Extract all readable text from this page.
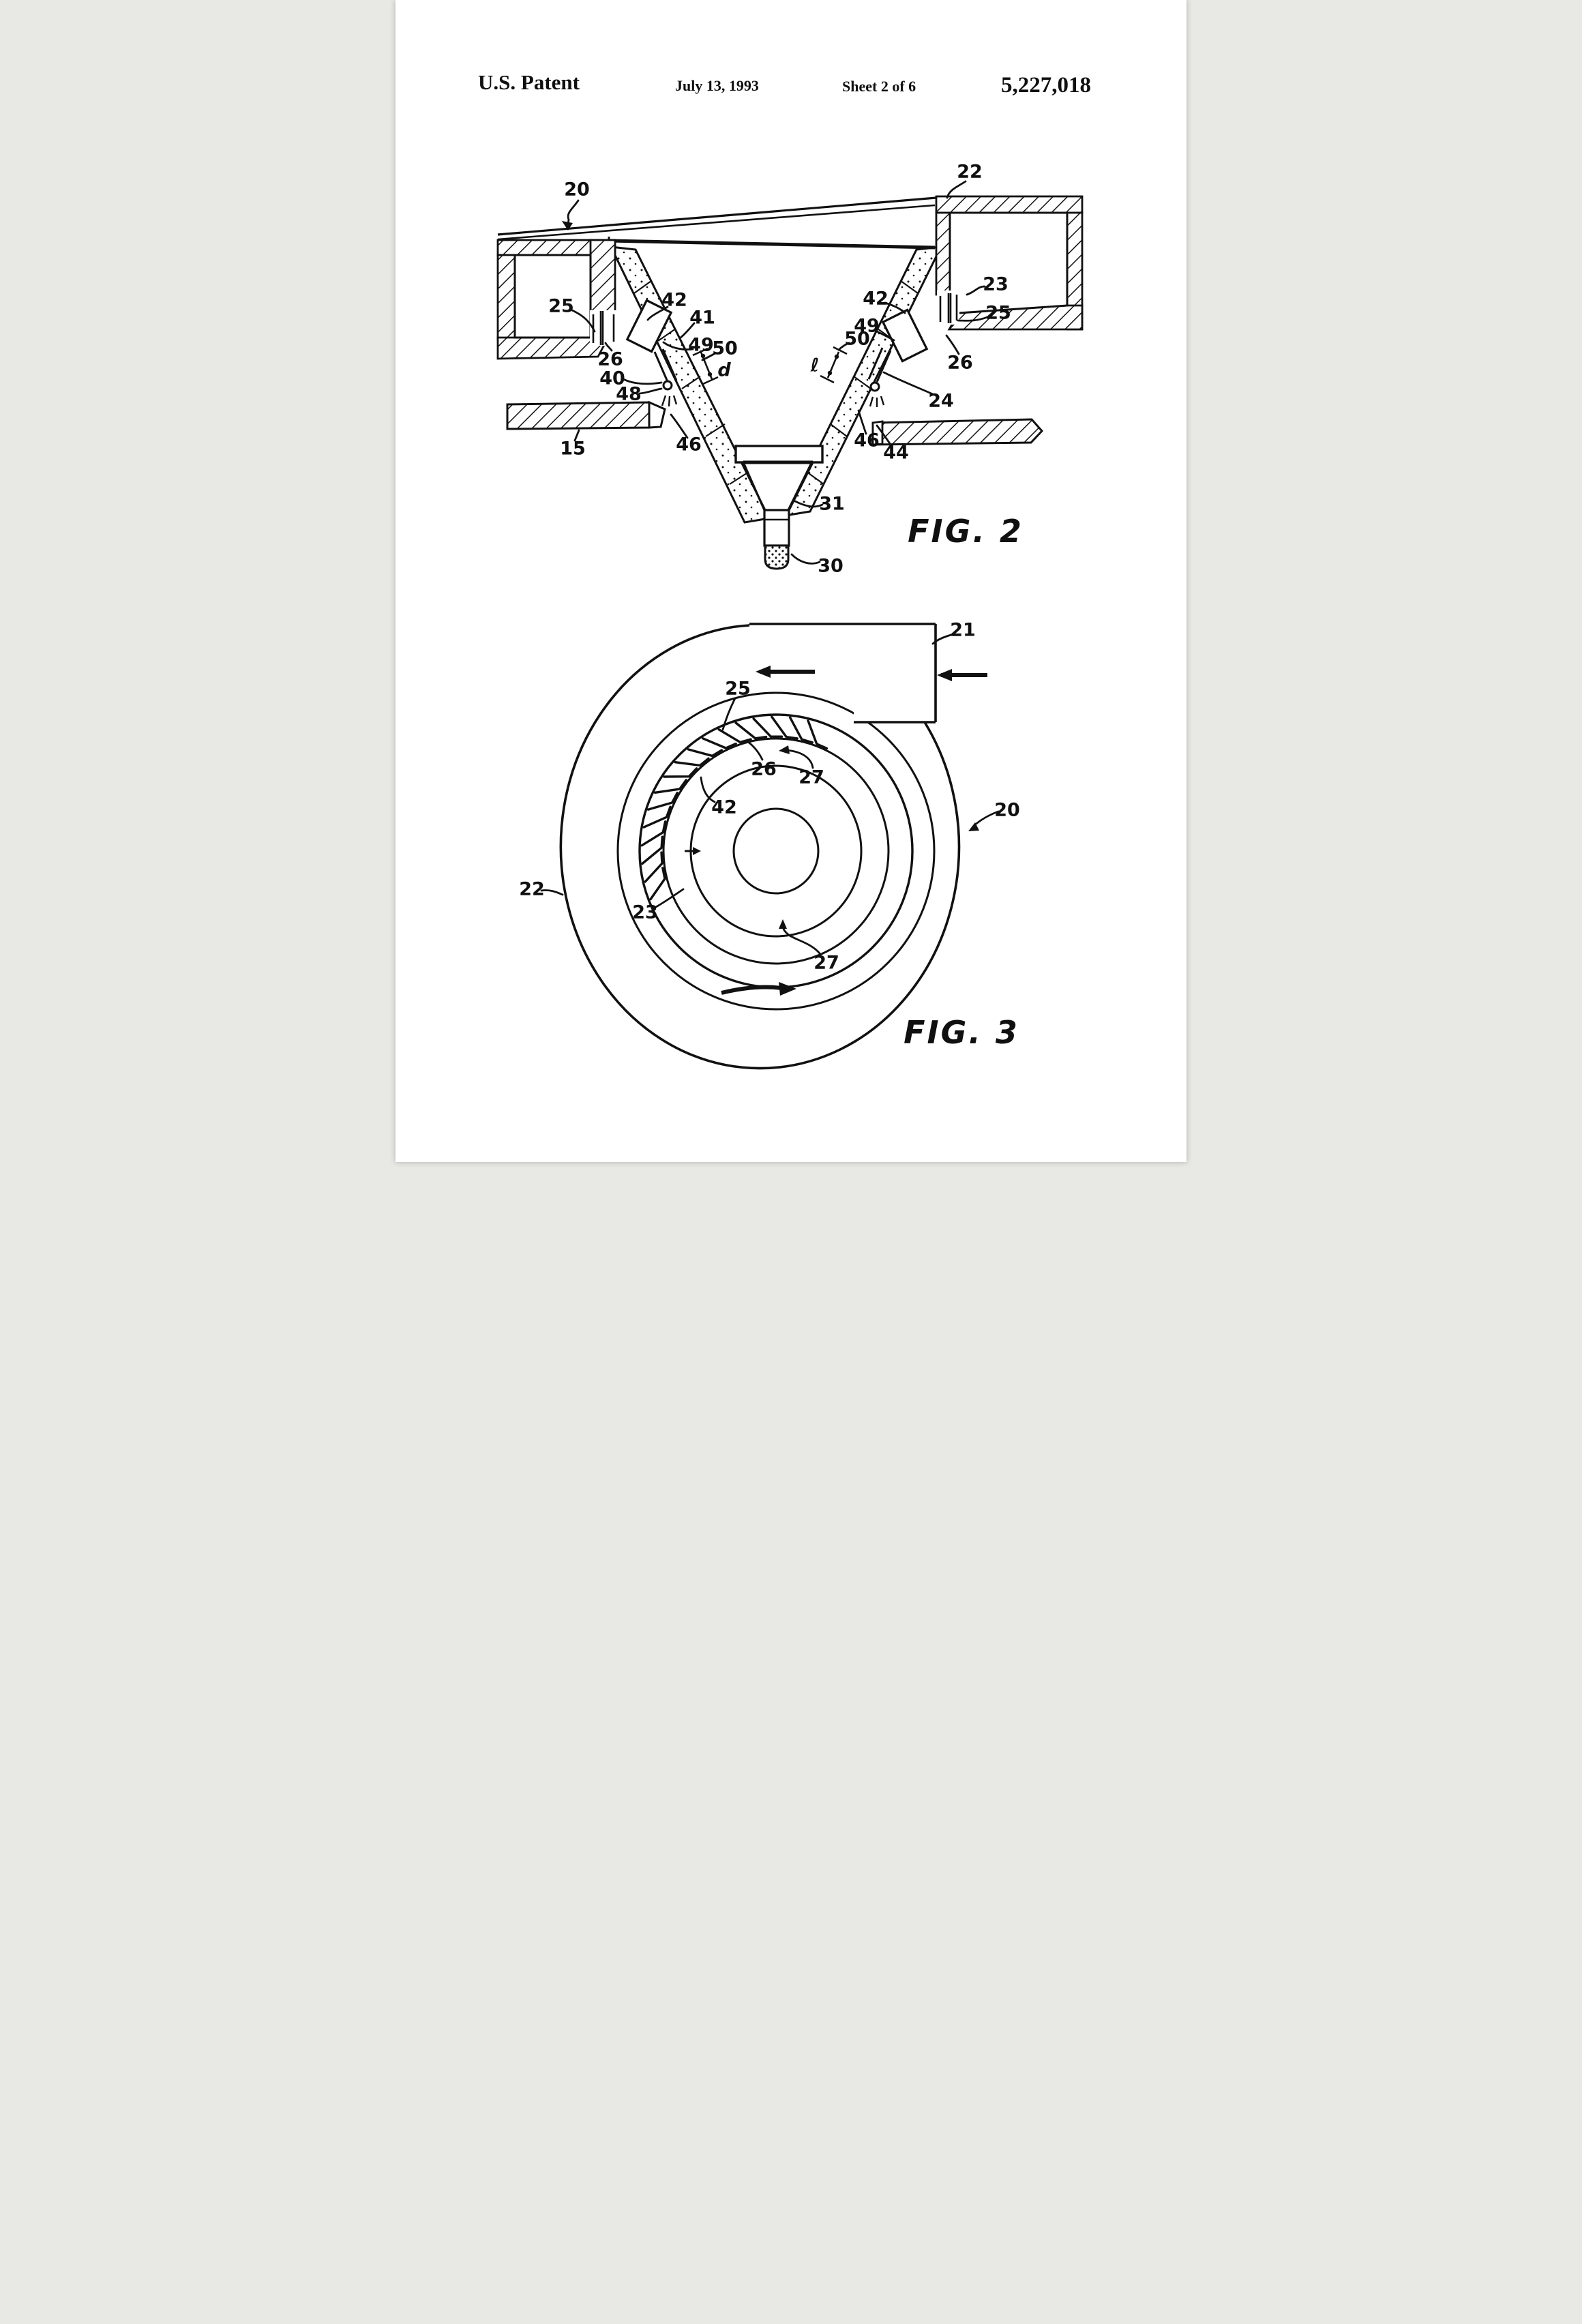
U.S. Patent	July 13, 1993	Sheet 2 of 6	5,227,018
20
22
23
25	25
26	26
40
41
42	42
44
46	46
48
49
49
50	50
d	ℓ
15
24
30
31
FIG. 2
21
25
26 27
42	20
22
23
27
FIG. 3
